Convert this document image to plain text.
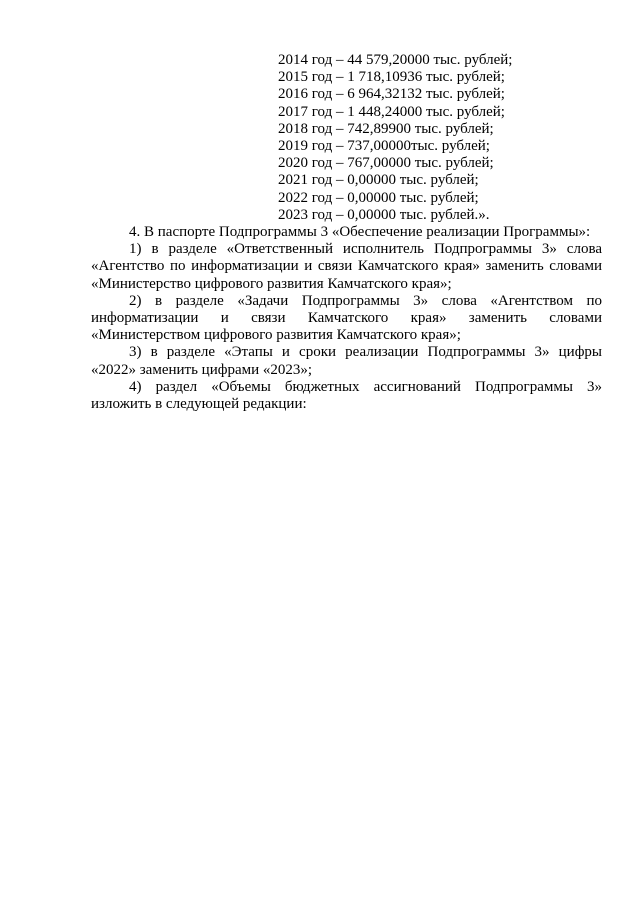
2014 год – 44 579,20000 тыс. рублей;
2015 год – 1 718,10936 тыс. рублей;
2016 год – 6 964,32132 тыс. рублей;
2017 год – 1 448,24000 тыс. рублей;
2018 год – 742,89900 тыс. рублей;
2019 год – 737,00000тыс. рублей;
2020 год – 767,00000 тыс. рублей;
2021 год – 0,00000 тыс. рублей;
2022 год – 0,00000 тыс. рублей;
2023 год – 0,00000 тыс. рублей.».

4. В паспорте Подпрограммы 3 «Обеспечение реализации Программы»:

1) в разделе «Ответственный исполнитель Подпрограммы 3» слова «Агентство по информатизации и связи Камчатского края» заменить словами «Министерство цифрового развития Камчатского края»;

2) в разделе «Задачи Подпрограммы 3» слова «Агентством по информатизации и связи Камчатского края» заменить словами «Министерством цифрового развития Камчатского края»;

3) в разделе «Этапы и сроки реализации Подпрограммы 3» цифры «2022» заменить цифрами «2023»;

4) раздел «Объемы бюджетных ассигнований Подпрограммы 3» изложить в следующей редакции:
